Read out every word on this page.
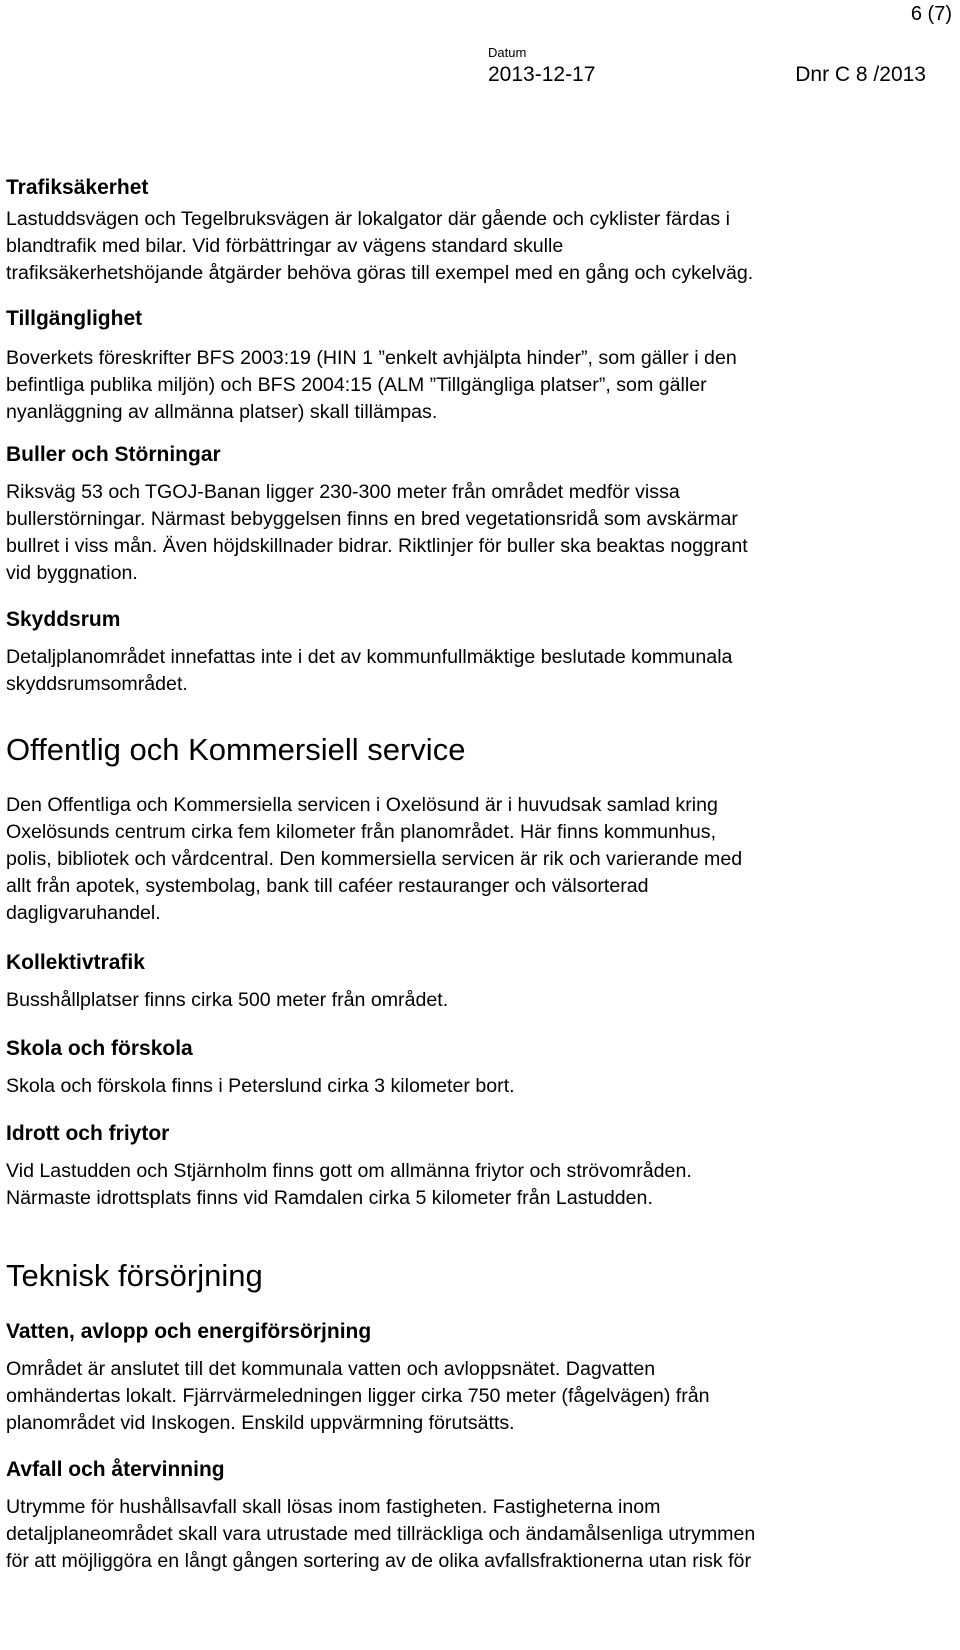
6 (7)
Datum
2013-12-17	Dnr C 8 /2013
Trafiksäkerhet

Lastuddsvägen och Tegelbruksvägen är lokalgator där gående och cyklister färdas i

blandtrafik med bilar. Vid förbättringar av vägens standard skulle

trafiksäkerhetshöjande åtgärder behöva göras till exempel med en gång och cykelväg.

Tillgänglighet

Boverkets föreskrifter BFS 2003:19 (HIN 1 ”enkelt avhjälpta hinder”, som gäller i den

befintliga publika miljön) och BFS 2004:15 (ALM ”Tillgängliga platser”, som gäller

nyanläggning av allmänna platser) skall tillämpas.

Buller och Störningar

Riksväg 53 och TGOJ-Banan ligger 230-300 meter från området medför vissa

bullerstörningar. Närmast bebyggelsen finns en bred vegetationsridå som avskärmar

bullret i viss mån. Även höjdskillnader bidrar. Riktlinjer för buller ska beaktas noggrant

vid byggnation.

Skyddsrum

Detaljplanområdet innefattas inte i det av kommunfullmäktige beslutade kommunala

skyddsrumsområdet.

Offentlig och Kommersiell service

Den Offentliga och Kommersiella servicen i Oxelösund är i huvudsak samlad kring

Oxelösunds centrum cirka fem kilometer från planområdet. Här finns kommunhus,

polis, bibliotek och vårdcentral. Den kommersiella servicen är rik och varierande med

allt från apotek, systembolag, bank till caféer restauranger och välsorterad

dagligvaruhandel.

Kollektivtrafik

Busshållplatser finns cirka 500 meter från området.

Skola och förskola

Skola och förskola finns i Peterslund cirka 3 kilometer bort.

Idrott och friytor

Vid Lastudden och Stjärnholm finns gott om allmänna friytor och strövområden.

Närmaste idrottsplats finns vid Ramdalen cirka 5 kilometer från Lastudden.

Teknisk försörjning
Vatten, avlopp och energiförsörjning

Området är anslutet till det kommunala vatten och avloppsnätet. Dagvatten

omhändertas lokalt. Fjärrvärmeledningen ligger cirka 750 meter (fågelvägen) från

planområdet vid Inskogen. Enskild uppvärmning förutsätts.

Avfall och återvinning

Utrymme för hushållsavfall skall lösas inom fastigheten. Fastigheterna inom

detaljplaneområdet skall vara utrustade med tillräckliga och ändamålsenliga utrymmen

för att möjliggöra en långt gången sortering av de olika avfallsfraktionerna utan risk för
